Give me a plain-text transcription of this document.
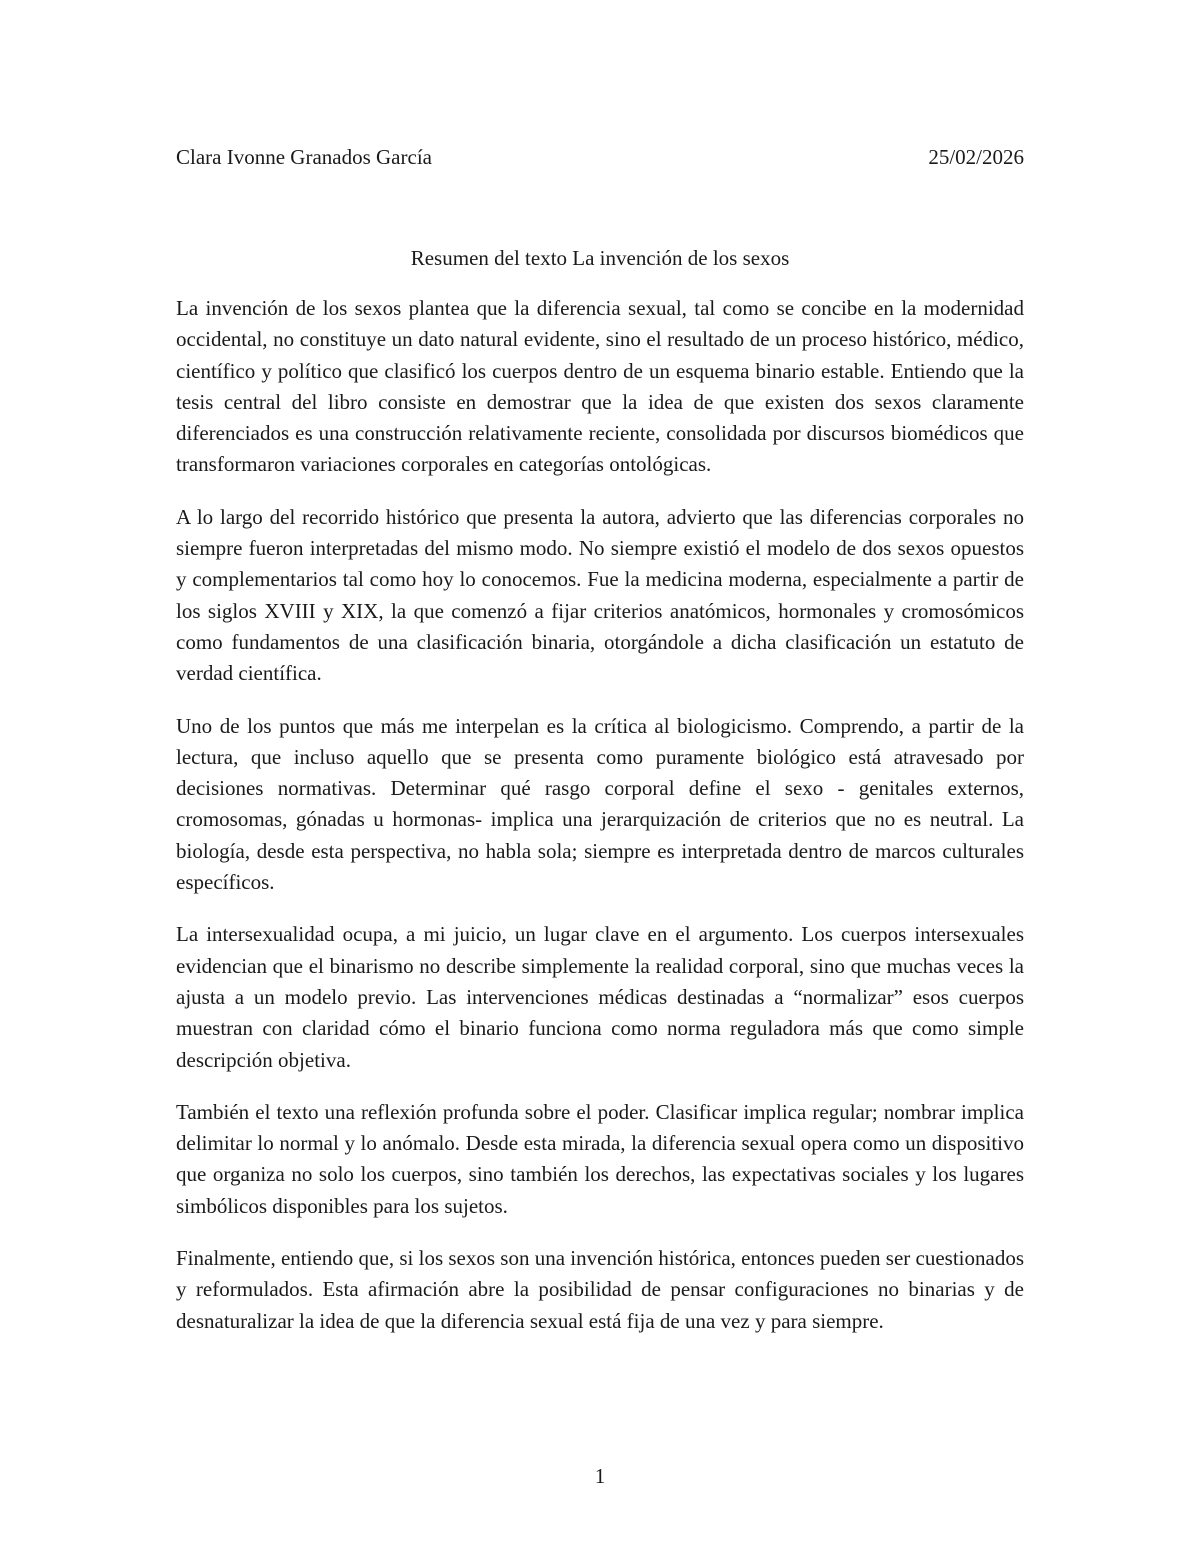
Clara Ivonne Granados García	25/02/2026
Resumen del texto La invención de los sexos

La invención de los sexos plantea que la diferencia sexual, tal como se concibe en la modernidad occidental, no constituye un dato natural evidente, sino el resultado de un proceso histórico, médico, científico y político que clasificó los cuerpos dentro de un esquema binario estable. Entiendo que la tesis central del libro consiste en demostrar que la idea de que existen dos sexos claramente diferenciados es una construcción relativamente reciente, consolidada por discursos biomédicos que transformaron variaciones corporales en categorías ontológicas.

A lo largo del recorrido histórico que presenta la autora, advierto que las diferencias corporales no siempre fueron interpretadas del mismo modo. No siempre existió el modelo de dos sexos opuestos y complementarios tal como hoy lo conocemos. Fue la medicina moderna, especialmente a partir de los siglos XVIII y XIX, la que comenzó a fijar criterios anatómicos, hormonales y cromosómicos como fundamentos de una clasificación binaria, otorgándole a dicha clasificación un estatuto de verdad científica.

Uno de los puntos que más me interpelan es la crítica al biologicismo. Comprendo, a partir de la lectura, que incluso aquello que se presenta como puramente biológico está atravesado por decisiones normativas. Determinar qué rasgo corporal define el sexo - genitales externos, cromosomas, gónadas u hormonas- implica una jerarquización de criterios que no es neutral. La biología, desde esta perspectiva, no habla sola; siempre es interpretada dentro de marcos culturales específicos.

La intersexualidad ocupa, a mi juicio, un lugar clave en el argumento. Los cuerpos intersexuales evidencian que el binarismo no describe simplemente la realidad corporal, sino que muchas veces la ajusta a un modelo previo. Las intervenciones médicas destinadas a “normalizar” esos cuerpos muestran con claridad cómo el binario funciona como norma reguladora más que como simple descripción objetiva.

También el texto una reflexión profunda sobre el poder. Clasificar implica regular; nombrar implica delimitar lo normal y lo anómalo. Desde esta mirada, la diferencia sexual opera como un dispositivo que organiza no solo los cuerpos, sino también los derechos, las expectativas sociales y los lugares simbólicos disponibles para los sujetos.

Finalmente, entiendo que, si los sexos son una invención histórica, entonces pueden ser cuestionados y reformulados. Esta afirmación abre la posibilidad de pensar configuraciones no binarias y de desnaturalizar la idea de que la diferencia sexual está fija de una vez y para siempre.

1
